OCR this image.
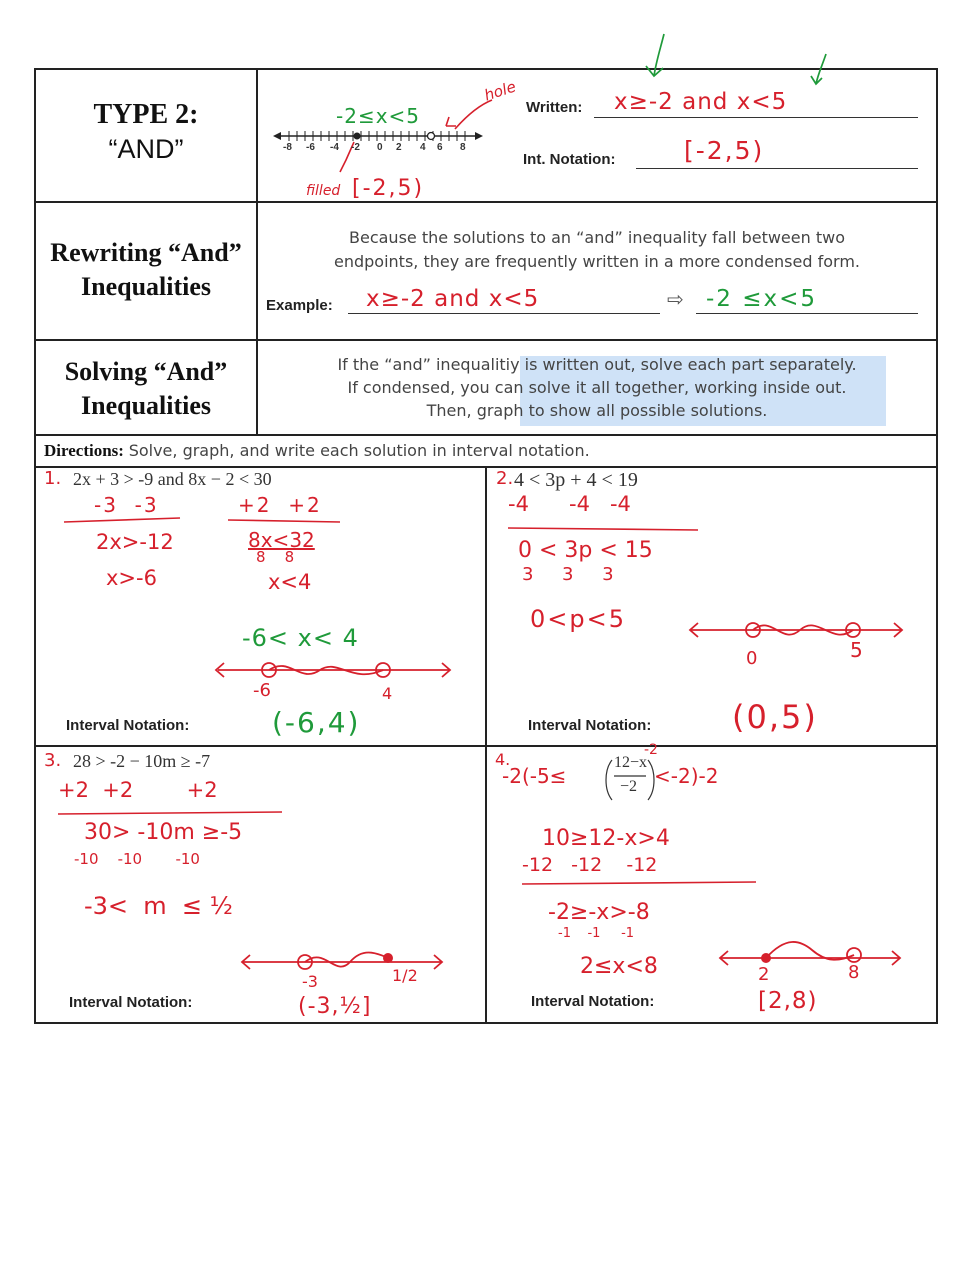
TYPE 2:
“AND”	-8 -6 -4 -2 0 2 4 6 8
-2≤x<5
hole
filled [-2,5)
Written: x≥-2 and x<5
Int. Notation:	[-2,5)
Rewriting “And”
Inequalities
Because the solutions to an “and” inequality fall between two
endpoints, they are frequently written in a more condensed form.
Example: x≥-2 and x<5	⇨ -2 ≤x<5
Solving “And”
Inequalities
If the “and” inequalitiy is written out, solve each part separately.
If condensed, you can solve it all together, working inside out.
Then, graph to show all possible solutions.
Directions: Solve, graph, and write each solution in interval notation.
1. 2x + 3 > -9 and 8x − 2 < 30
-3  -3
2x>-12
x>-6
+2  +2
8x<32
8    8
x<4
-6< x< 4
-6	4
Interval Notation:	(-6,4)
2. 4 < 3p + 4 < 19
-4      -4   -4
0 < 3p < 15
3     3     3
0<p<5
0	5
Interval Notation:	(0,5)
3. 28 > -2 − 10m ≥ -7
+2  +2        +2
30> -10m ≥-5
-10    -10       -10
-3<  m  ≤ ½
-3	1/2
Interval Notation:	(-3,½]
4.
-2(-5≤
12−x
−2
-2
<-2)-2
10≥12-x>4
-12   -12    -12
-2≥-x>-8
-1    -1     -1
2≤x<8	2	8
Interval Notation:	[2,8)
